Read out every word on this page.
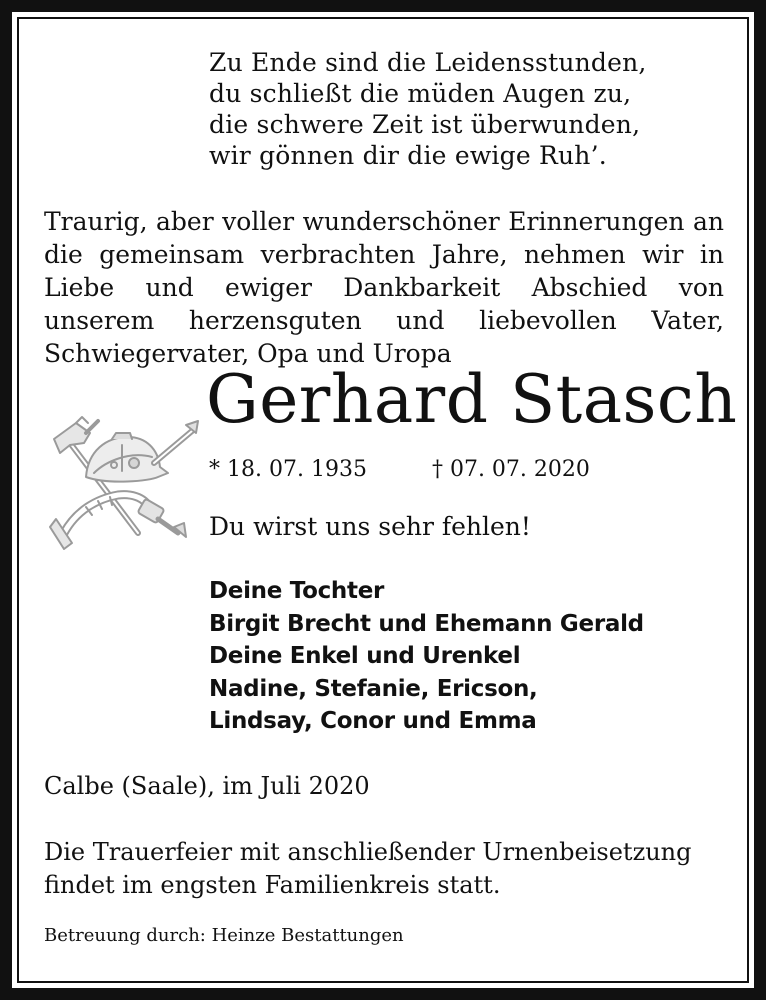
Zu Ende sind die Leidensstunden,
du schließt die müden Augen zu,
die schwere Zeit ist überwunden,
wir gönnen dir die ewige Ruh’.
Traurig, aber voller wunderschöner Erinnerungen an die gemeinsam verbrachten Jahre, nehmen wir in Liebe und ewiger Dankbarkeit Abschied von unserem herzensguten und liebevollen Vater, Schwiegervater, Opa und Uropa
Gerhard Stasch
* 18. 07. 1935	† 07. 07. 2020
Du wirst uns sehr fehlen!
Deine Tochter
Birgit Brecht und Ehemann Gerald
Deine Enkel und Urenkel
Nadine, Stefanie, Ericson,
Lindsay, Conor und Emma
Calbe (Saale), im Juli 2020
Die Trauerfeier mit anschließender Urnenbeisetzung findet im engsten Familienkreis statt.
Betreuung durch: Heinze Bestattungen
